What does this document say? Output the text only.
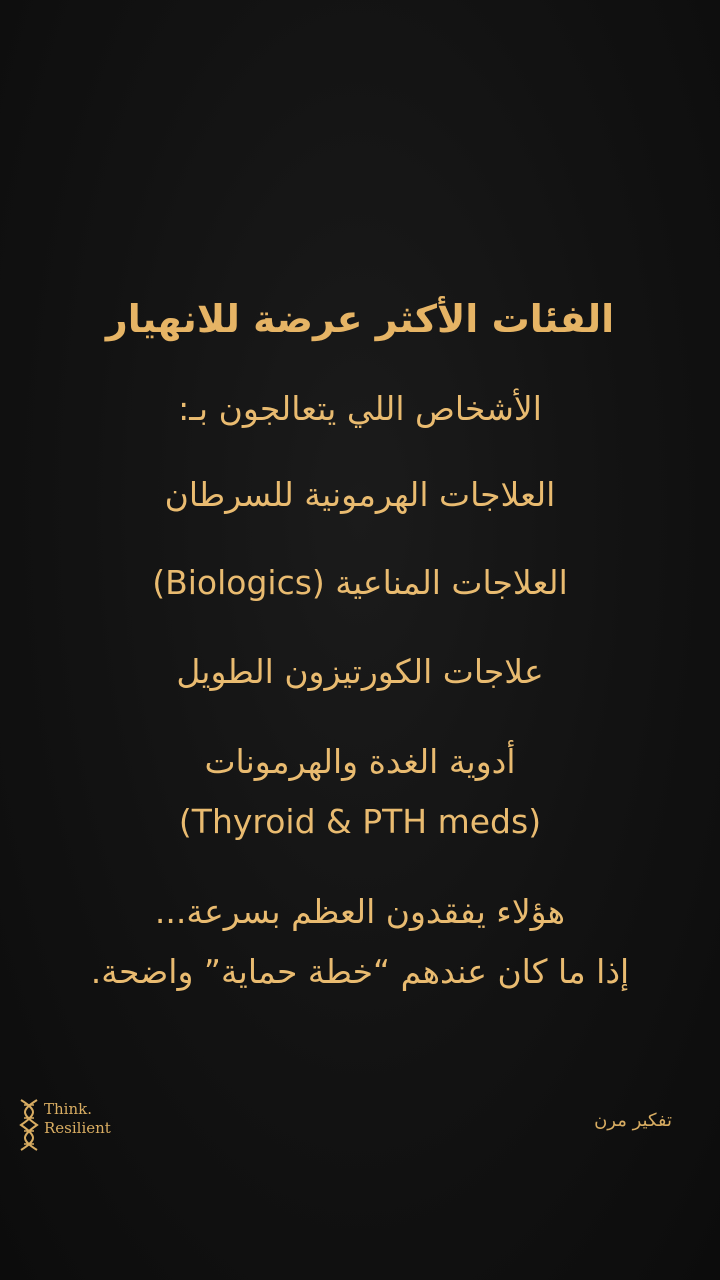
الفئات الأكثر عرضة للانهيار
الأشخاص اللي يتعالجون بـ:
العلاجات الهرمونية للسرطان
العلاجات المناعية (Biologics)
علاجات الكورتيزون الطويل
أدوية الغدة والهرمونات
(Thyroid & PTH meds)
هؤلاء يفقدون العظم بسرعة...
إذا ما كان عندهم “خطة حماية” واضحة.
Think.
Resilient	تفكير مرن
